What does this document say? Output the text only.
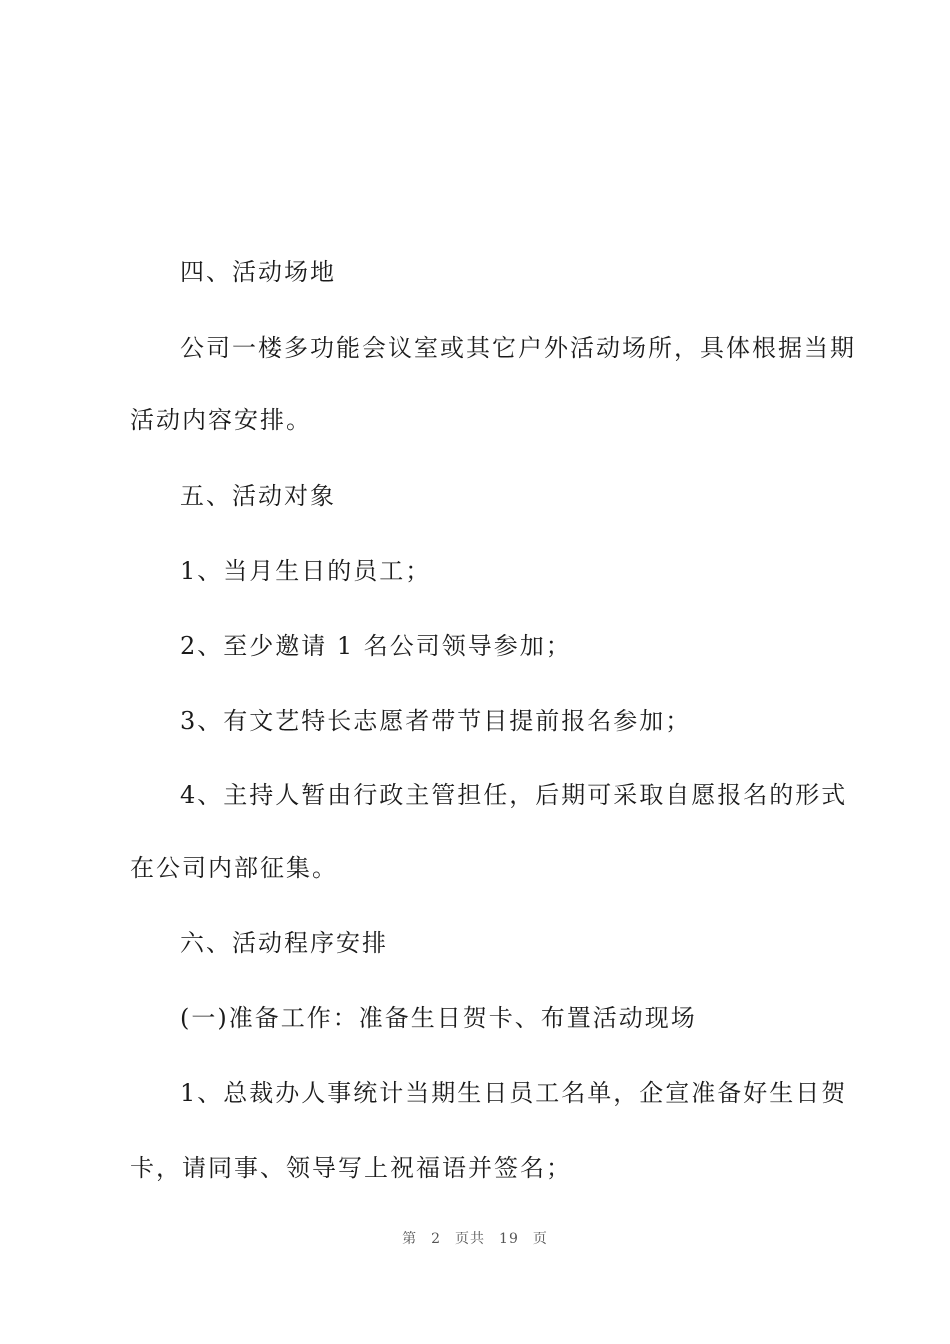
四、活动场地
公司一楼多功能会议室或其它户外活动场所，具体根据当期
活动内容安排。
五、活动对象
1、当月生日的员工；
2、至少邀请 1 名公司领导参加；
3、有文艺特长志愿者带节目提前报名参加；
4、主持人暂由行政主管担任，后期可采取自愿报名的形式
在公司内部征集。
六、活动程序安排
(一)准备工作：准备生日贺卡、布置活动现场
1、总裁办人事统计当期生日员工名单，企宣准备好生日贺
卡，请同事、领导写上祝福语并签名；
第 2 页共 19 页
